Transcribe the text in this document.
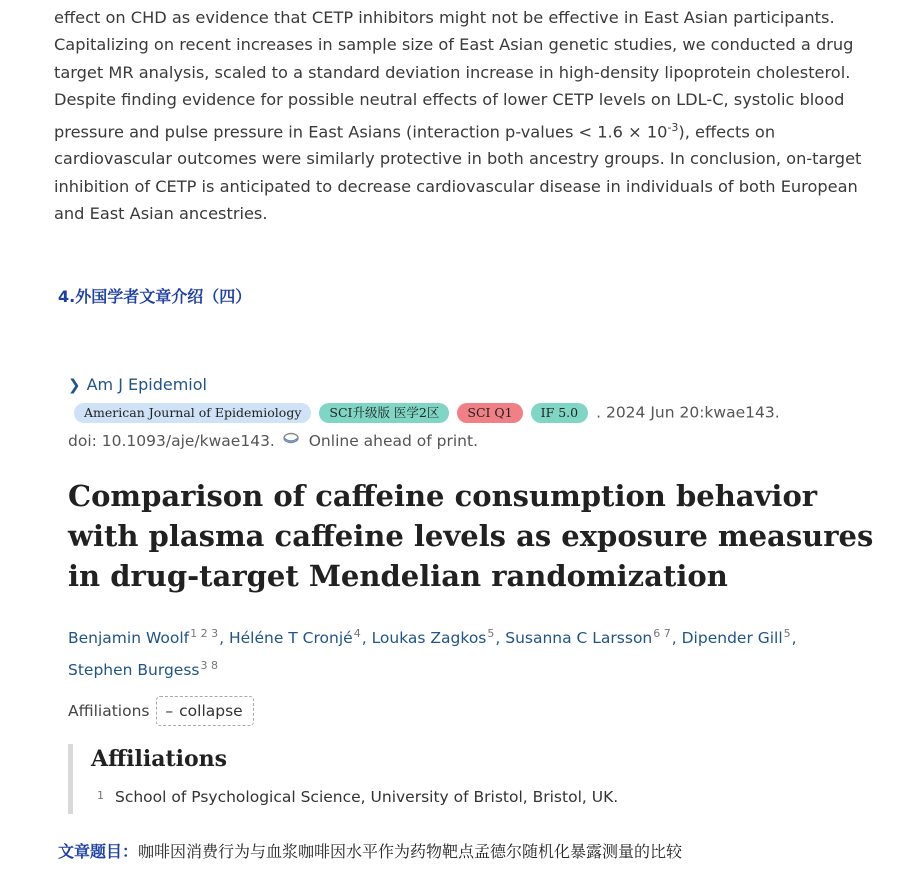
effect on CHD as evidence that CETP inhibitors might not be effective in East Asian participants.
Capitalizing on recent increases in sample size of East Asian genetic studies, we conducted a drug
target MR analysis, scaled to a standard deviation increase in high-density lipoprotein cholesterol.
Despite finding evidence for possible neutral effects of lower CETP levels on LDL-C, systolic blood
pressure and pulse pressure in East Asians (interaction p-values < $1.6 \times 10^{-3}$), effects on
cardiovascular outcomes were similarly protective in both ancestry groups. In conclusion, on-target
inhibition of CETP is anticipated to decrease cardiovascular disease in individuals of both European
and East Asian ancestries.
4.外国学者文章介绍（四）
❯ Am J Epidemiol
American Journal of Epidemiology SCI升级版 医学2区 SCI Q1 IF 5.0 . 2024 Jun 20:kwae143.
doi: 10.1093/aje/kwae143. Online ahead of print.
Comparison of caffeine consumption behavior with plasma caffeine levels as exposure measures in drug-target Mendelian randomization
Benjamin Woolf$^{1 2 3}$, Héléne T Cronjé$^4$, Loukas Zagkos$^5$, Susanna C Larsson$^{6 7}$, Dipender Gill$^5$,
Stephen Burgess$^{3 8}$
Affiliations – collapse
Affiliations
1 School of Psychological Science, University of Bristol, Bristol, UK.
文章题目：咖啡因消费行为与血浆咖啡因水平作为药物靶点孟德尔随机化暴露测量的比较
